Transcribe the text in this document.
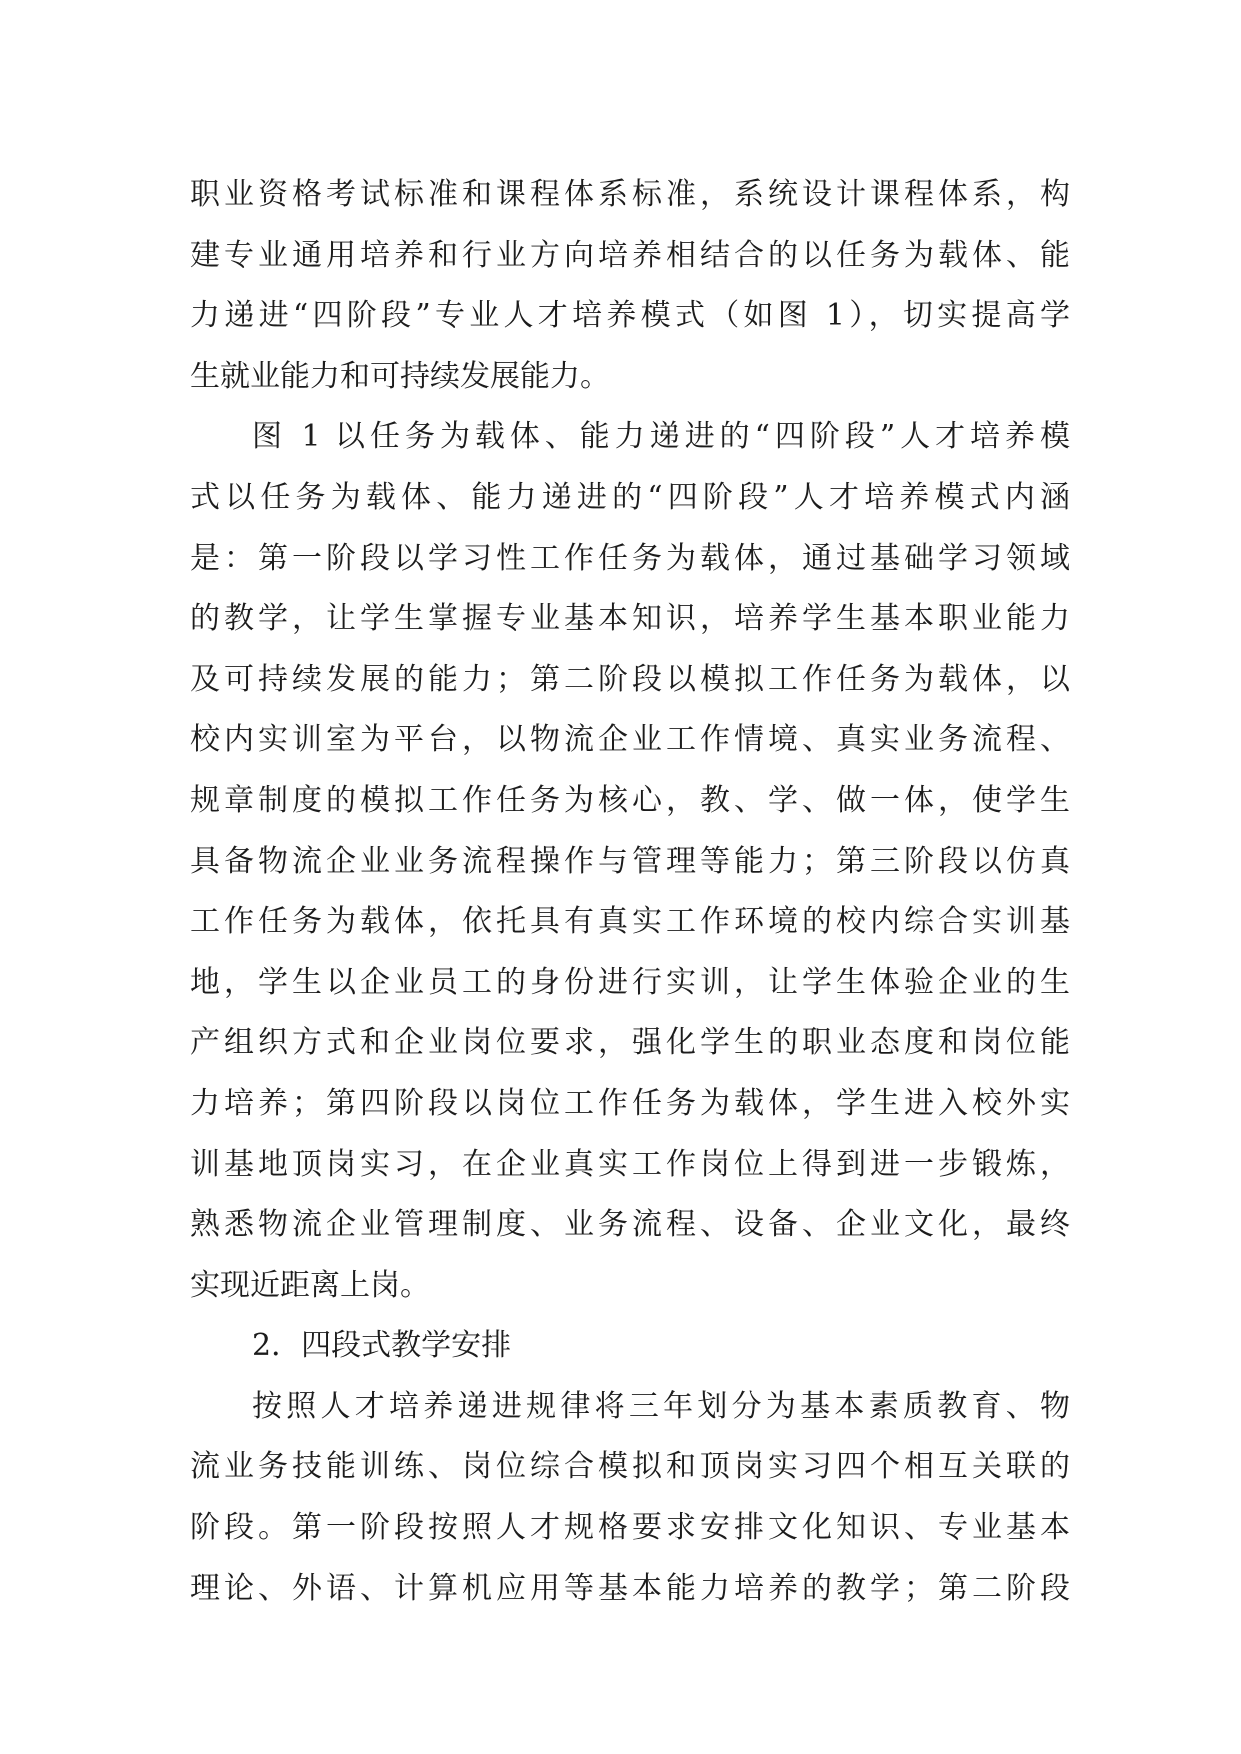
职业资格考试标准和课程体系标准，系统设计课程体系，构
建专业通用培养和行业方向培养相结合的以任务为载体、能
力递进“四阶段”专业人才培养模式（如图 1），切实提高学
生就业能力和可持续发展能力。
图 1 以任务为载体、能力递进的“四阶段”人才培养模
式以任务为载体、能力递进的“四阶段”人才培养模式内涵
是：第一阶段以学习性工作任务为载体，通过基础学习领域
的教学，让学生掌握专业基本知识，培养学生基本职业能力
及可持续发展的能力；第二阶段以模拟工作任务为载体，以
校内实训室为平台，以物流企业工作情境、真实业务流程、
规章制度的模拟工作任务为核心，教、学、做一体，使学生
具备物流企业业务流程操作与管理等能力；第三阶段以仿真
工作任务为载体，依托具有真实工作环境的校内综合实训基
地，学生以企业员工的身份进行实训，让学生体验企业的生
产组织方式和企业岗位要求，强化学生的职业态度和岗位能
力培养；第四阶段以岗位工作任务为载体，学生进入校外实
训基地顶岗实习，在企业真实工作岗位上得到进一步锻炼，
熟悉物流企业管理制度、业务流程、设备、企业文化，最终
实现近距离上岗。
2．四段式教学安排
按照人才培养递进规律将三年划分为基本素质教育、物
流业务技能训练、岗位综合模拟和顶岗实习四个相互关联的
阶段。第一阶段按照人才规格要求安排文化知识、专业基本
理论、外语、计算机应用等基本能力培养的教学；第二阶段
